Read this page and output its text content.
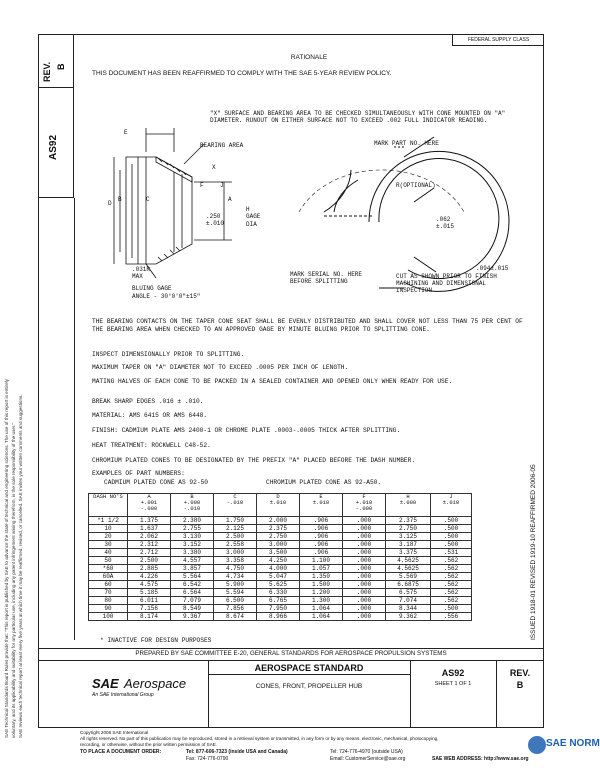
SAE Technical Standards Board Rules provide that: "This report is published by SAE to advance the state of technical and engineering sciences. The use of this report is entirely voluntary, and its applicability and suitability for any particular use, including any patent infringement arising therefrom, is the sole responsibility of the user." SAE reviews each technical report at least every five years at which time it may be reaffirmed, revised, or cancelled. SAE invites your written comments and suggestions.
REV. B
AS92
FEDERAL SUPPLY CLASS
RATIONALE
THIS DOCUMENT HAS BEEN REAFFIRMED TO COMPLY WITH THE SAE 5-YEAR REVIEW POLICY.
"X" SURFACE AND BEARING AREA TO BE CHECKED SIMULTANEOUSLY WITH CONE MOUNTED ON "A" DIAMETER. RUNOUT ON EITHER SURFACE NOT TO EXCEED .002 FULL INDICATOR READING.
E
BEARING AREA
D
B	C
F
A
X
H
J
.250
±.010
GAGE
DIA
.031R
MAX
BLUING GAGE
ANGLE - 30°0'0"±15"
MARK PART NO. HERE
R(OPTIONAL)
.062
±.015
.094±.015
MARK SERIAL NO. HERE BEFORE SPLITTING
CUT AS SHOWN PRIOR TO FINISH MACHINING AND DIMENSIONAL INSPECTION
THE BEARING CONTACTS ON THE TAPER CONE SEAT SHALL BE EVENLY DISTRIBUTED AND SHALL COVER NOT LESS THAN 75 PER CENT OF THE BEARING AREA WHEN CHECKED TO AN APPROVED GAGE BY MINUTE BLUING PRIOR TO SPLITTING CONE.
INSPECT DIMENSIONALLY PRIOR TO SPLITTING.
MAXIMUM TAPER ON "A" DIAMETER NOT TO EXCEED .0005 PER INCH OF LENGTH.
MATING HALVES OF EACH CONE TO BE PACKED IN A SEALED CONTAINER AND OPENED ONLY WHEN READY FOR USE.
BREAK SHARP EDGES .016 ± .010.
MATERIAL: AMS 6415 OR AMS 6448.
FINISH: CADMIUM PLATE AMS 2400-1 OR CHROME PLATE .0003-.0005 THICK AFTER SPLITTING.
HEAT TREATMENT: ROCKWELL C48-52.
CHROMIUM PLATED CONES TO BE DESIGNATED BY THE PREFIX "A" PLACED BEFORE THE DASH NUMBER.
EXAMPLES OF PART NUMBERS:
CADMIUM PLATED CONE AS 92-50	CHROMIUM PLATED CONE AS 92-A50.
DASH NO'S	A
+.001
-.000	B
+.000
-.010	C
-.010	D
±.010	E
±.010	F
+.010
-.000	H
±.000	J
±.010
*1 1/2	1.375	2.380	1.750	2.000	.906	.000	2.375	.500
10	1.637	2.755	2.125	2.375	.906	.000	2.750	.500
20	2.062	3.130	2.500	2.750	.906	.000	3.125	.500
30	2.312	3.152	2.558	3.000	.906	.000	3.187	.500
40	2.712	3.380	3.000	3.500	.906	.000	3.375	.531
50	2.500	4.557	3.358	4.250	1.100	.000	4.5625	.562
*60	2.885	3.857	4.750	4.000	1.057	.000	4.5625	.562
60A	4.226	5.564	4.734	5.047	1.350	.000	5.569	.562
60	4.575	6.542	5.900	5.625	1.500	.000	6.6875	.562
70	5.185	6.564	5.594	6.330	1.200	.000	6.575	.562
80	6.011	7.079	6.500	6.765	1.300	.000	7.074	.562
90	7.156	8.549	7.856	7.950	1.064	.000	8.344	.500
100	8.174	9.367	8.674	8.966	1.064	.000	9.362	.556
* INACTIVE FOR DESIGN PURPOSES
ISSUED 1918-01 REVISED 1919-10 REAFFIRMED 2006-05
PREPARED BY SAE COMMITTEE E-20, GENERAL STANDARDS FOR AEROSPACE PROPULSION SYSTEMS
SAE Aerospace
An SAE International Group
AEROSPACE STANDARD
CONES, FRONT, PROPELLER HUB
AS92
SHEET 1 OF 1
REV.
B
Copyright 2006 SAE International
All rights reserved. No part of this publication may be reproduced, stored in a retrieval system or transmitted, in any form or by any means, electronic, mechanical, photocopying,
recording, or otherwise, without the prior written permission of SAE.
TO PLACE A DOCUMENT ORDER:	Tel: 877-606-7323 (inside USA and Canada)	Tel: 724-776-4970 (outside USA)
Fax: 724-776-0790	Email: CustomerService@sae.org	SAE WEB ADDRESS: http://www.sae.org
SAE NORM
